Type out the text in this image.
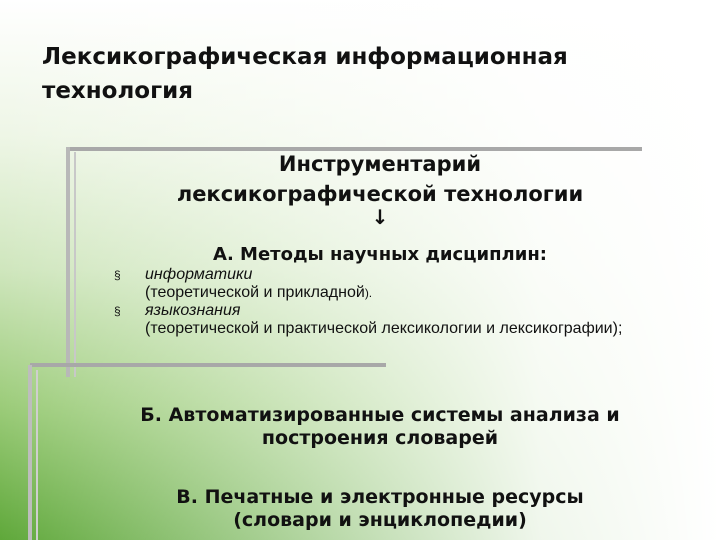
Лексикографическая информационная технология
Инструментарий
лексикографической технологии
↓
А. Методы научных дисциплин:
§ информатики
(теоретической и прикладной).
§ языкознания
(теоретической и практической лексикологии и лексикографии);
Б. Автоматизированные системы анализа и
построения словарей
В. Печатные и электронные ресурсы
(словари и энциклопедии)
